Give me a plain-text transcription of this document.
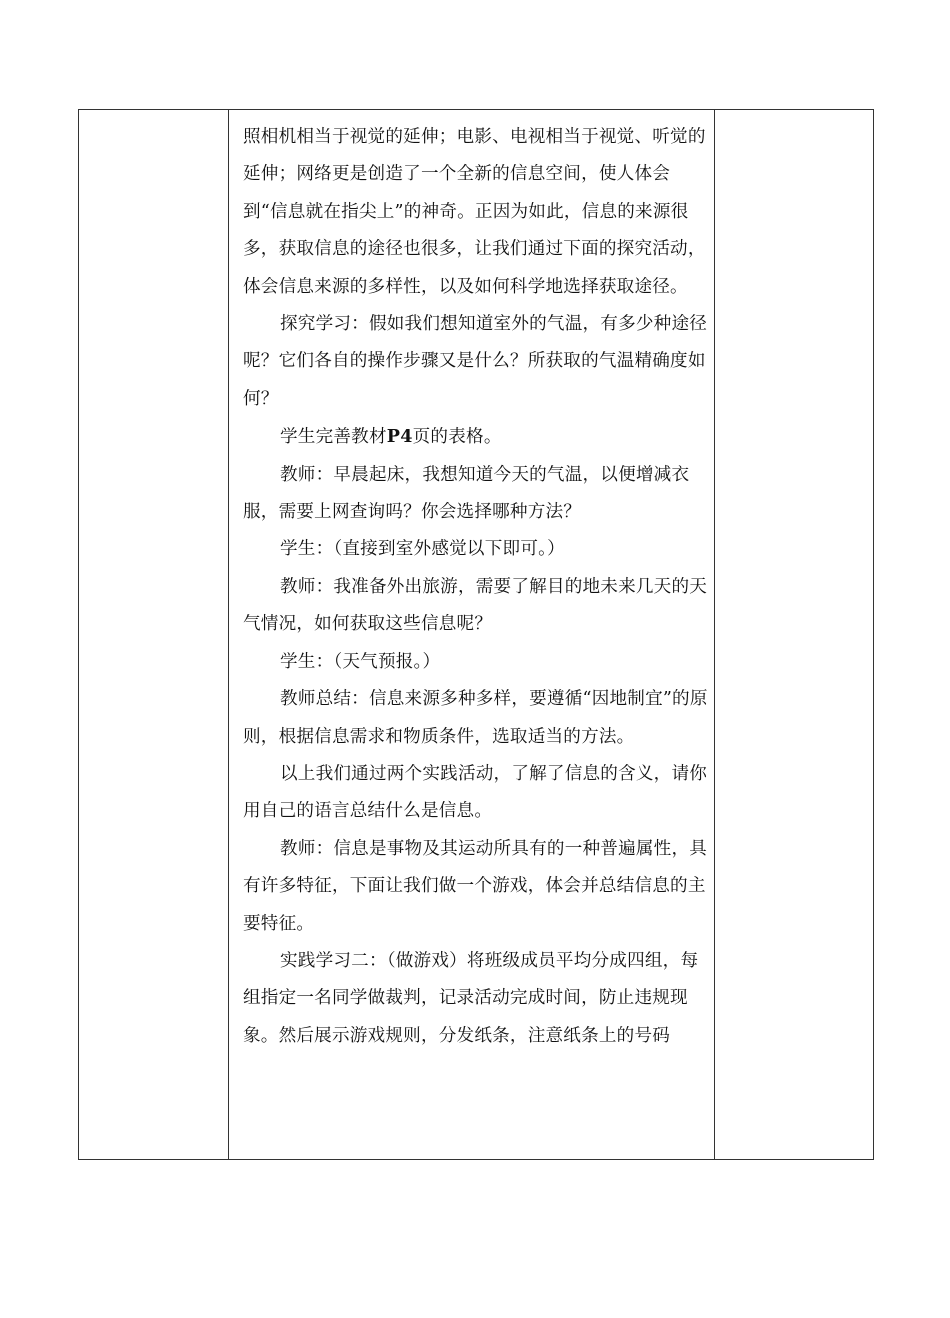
照相机相当于视觉的延伸；电影、电视相当于视觉、听觉的延伸；网络更是创造了一个全新的信息空间，使人体会到“信息就在指尖上”的神奇。正因为如此，信息的来源很多，获取信息的途径也很多，让我们通过下面的探究活动，体会信息来源的多样性，以及如何科学地选择获取途径。

探究学习：假如我们想知道室外的气温，有多少种途径呢？它们各自的操作步骤又是什么？所获取的气温精确度如何？

学生完善教材P4页的表格。

教师：早晨起床，我想知道今天的气温，以便增减衣服，需要上网查询吗？你会选择哪种方法？

学生：（直接到室外感觉以下即可。）

教师：我准备外出旅游，需要了解目的地未来几天的天气情况，如何获取这些信息呢？

学生：（天气预报。）

教师总结：信息来源多种多样，要遵循“因地制宜”的原则，根据信息需求和物质条件，选取适当的方法。

以上我们通过两个实践活动，了解了信息的含义，请你用自己的语言总结什么是信息。

教师：信息是事物及其运动所具有的一种普遍属性，具有许多特征，下面让我们做一个游戏，体会并总结信息的主要特征。

实践学习二：（做游戏）将班级成员平均分成四组，每组指定一名同学做裁判，记录活动完成时间，防止违规现象。然后展示游戏规则，分发纸条，注意纸条上的号码
